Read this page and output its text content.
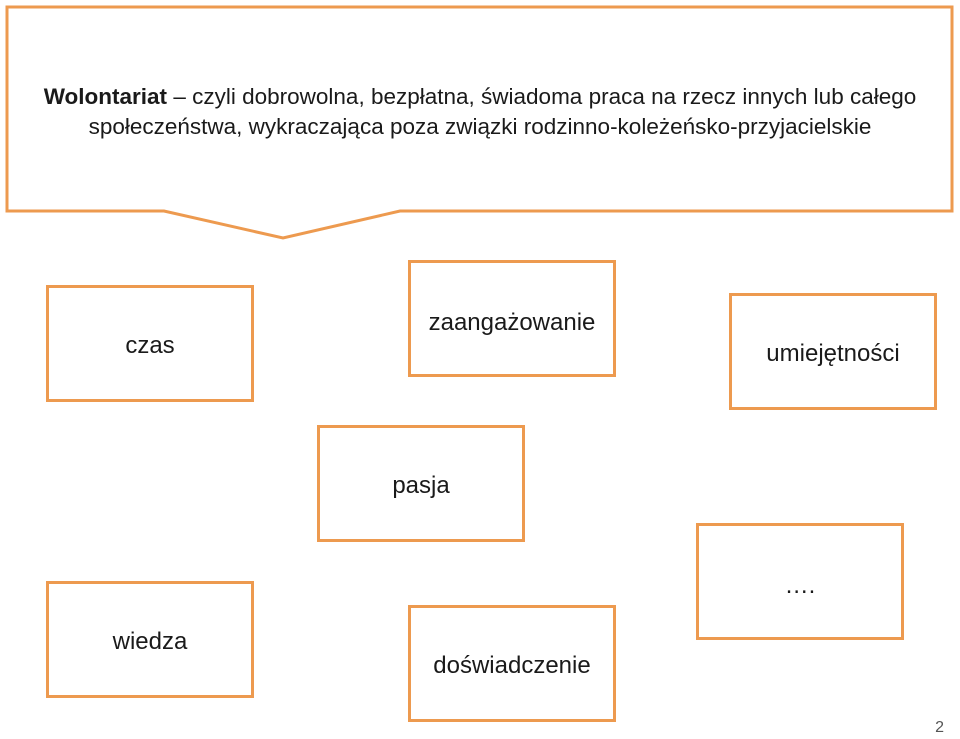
Wolontariat – czyli dobrowolna, bezpłatna, świadoma praca na rzecz innych lub całego
społeczeństwa, wykraczająca poza związki rodzinno-koleżeńsko-przyjacielskie
czas
zaangażowanie
umiejętności
pasja
….
wiedza
doświadczenie
2
